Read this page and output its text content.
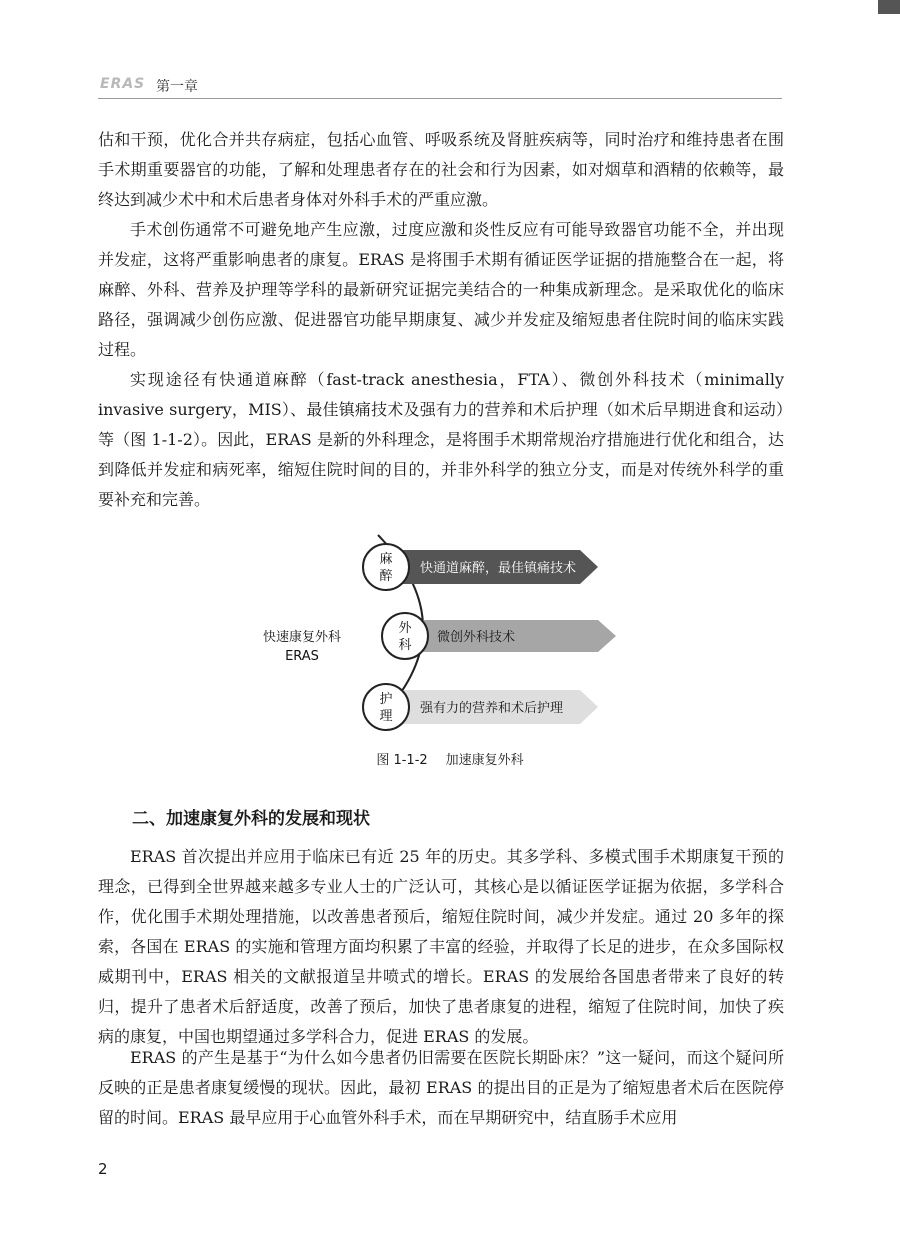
ERAS 第一章

估和干预，优化合并共存病症，包括心血管、呼吸系统及肾脏疾病等，同时治疗和维持患者在围手术期重要器官的功能，了解和处理患者存在的社会和行为因素，如对烟草和酒精的依赖等，最终达到减少术中和术后患者身体对外科手术的严重应激。

手术创伤通常不可避免地产生应激，过度应激和炎性反应有可能导致器官功能不全，并出现并发症，这将严重影响患者的康复。ERAS 是将围手术期有循证医学证据的措施整合在一起，将麻醉、外科、营养及护理等学科的最新研究证据完美结合的一种集成新理念。是采取优化的临床路径，强调减少创伤应激、促进器官功能早期康复、减少并发症及缩短患者住院时间的临床实践过程。

实现途径有快通道麻醉（fast-track anesthesia，FTA）、微创外科技术（minimally invasive surgery，MIS）、最佳镇痛技术及强有力的营养和术后护理（如术后早期进食和运动）等（图 1-1-2）。因此，ERAS 是新的外科理念，是将围手术期常规治疗措施进行优化和组合，达到降低并发症和病死率，缩短住院时间的目的，并非外科学的独立分支，而是对传统外科学的重要补充和完善。

麻
醉
外
科
护
理
快通道麻醉，最佳镇痛技术
微创外科技术
强有力的营养和术后护理
快速康复外科
ERAS
图 1-1-2 加速康复外科
二、加速康复外科的发展和现状

ERAS 首次提出并应用于临床已有近 25 年的历史。其多学科、多模式围手术期康复干预的理念，已得到全世界越来越多专业人士的广泛认可，其核心是以循证医学证据为依据，多学科合作，优化围手术期处理措施，以改善患者预后，缩短住院时间，减少并发症。通过 20 多年的探索，各国在 ERAS 的实施和管理方面均积累了丰富的经验，并取得了长足的进步，在众多国际权威期刊中，ERAS 相关的文献报道呈井喷式的增长。ERAS 的发展给各国患者带来了良好的转归，提升了患者术后舒适度，改善了预后，加快了患者康复的进程，缩短了住院时间，加快了疾病的康复，中国也期望通过多学科合力，促进 ERAS 的发展。

ERAS 的产生是基于“为什么如今患者仍旧需要在医院长期卧床？”这一疑问，而这个疑问所反映的正是患者康复缓慢的现状。因此，最初 ERAS 的提出目的正是为了缩短患者术后在医院停留的时间。ERAS 最早应用于心血管外科手术，而在早期研究中，结直肠手术应用

2
